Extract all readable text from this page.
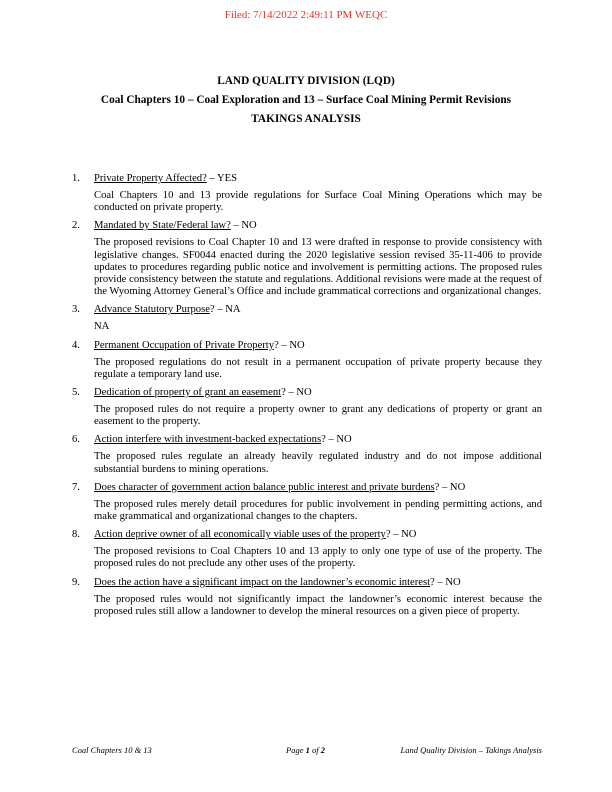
Filed: 7/14/2022 2:49:11 PM WEQC
LAND QUALITY DIVISION (LQD)
Coal Chapters 10 – Coal Exploration and 13 – Surface Coal Mining Permit Revisions
TAKINGS ANALYSIS
1. Private Property Affected? – YES
Coal Chapters 10 and 13 provide regulations for Surface Coal Mining Operations which may be conducted on private property.
2. Mandated by State/Federal law? – NO
The proposed revisions to Coal Chapter 10 and 13 were drafted in response to provide consistency with legislative changes. SF0044 enacted during the 2020 legislative session revised 35-11-406 to provide updates to procedures regarding public notice and involvement is permitting actions. The proposed rules provide consistency between the statute and regulations. Additional revisions were made at the request of the Wyoming Attorney General’s Office and include grammatical corrections and organizational changes.
3. Advance Statutory Purpose? – NA
NA
4. Permanent Occupation of Private Property? – NO
The proposed regulations do not result in a permanent occupation of private property because they regulate a temporary land use.
5. Dedication of property of grant an easement? – NO
The proposed rules do not require a property owner to grant any dedications of property or grant an easement to the property.
6. Action interfere with investment-backed expectations? – NO
The proposed rules regulate an already heavily regulated industry and do not impose additional substantial burdens to mining operations.
7. Does character of government action balance public interest and private burdens? – NO
The proposed rules merely detail procedures for public involvement in pending permitting actions, and make grammatical and organizational changes to the chapters.
8. Action deprive owner of all economically viable uses of the property? – NO
The proposed revisions to Coal Chapters 10 and 13 apply to only one type of use of the property. The proposed rules do not preclude any other uses of the property.
9. Does the action have a significant impact on the landowner’s economic interest? – NO
The proposed rules would not significantly impact the landowner’s economic interest because the proposed rules still allow a landowner to develop the mineral resources on a given piece of property.
Coal Chapters 10 & 13	Page 1 of 2	Land Quality Division – Takings Analysis
